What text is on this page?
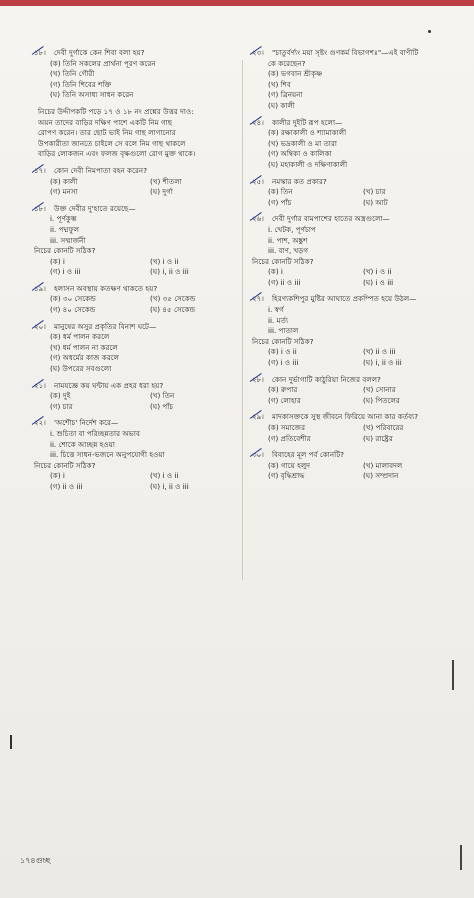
১৮।	দেবী দুর্গাকে কেন শিবা বলা হয়?
(ক) তিনি সকলের প্রার্থনা পূরণ করেন
(খ) তিনি গৌরী
(গ) তিনি শিবের শক্তি
(ঘ) তিনি অসাধ্য সাধন করেন
নিচের উদ্দীপকটি পড়ে ১৭ ও ১৮ নং প্রশ্নের উত্তর দাও:
অয়ন তাদের বাড়ির দক্ষিণ পাশে একটি নিম গাছ
রোপণ করেন। তার ছোট ভাই নিম গাছ লাগানোর
উপকারীতা জানতে চাইলে সে বলে নিম গাছ থাকলে
বাড়ির লোকজন এবং ফলজ বৃক্ষগুলো রোগ মুক্ত থাকে।
১৭।	কোন দেবী নিমপাতা বহন করেন?
(ক) কালী	(খ) শীতলা
(গ) মনসা	(ঘ) দুর্গা
১৮।	উক্ত দেবীর দু'হাতে রয়েছে—
i. পূর্ণকুম্ভ
ii. পদ্মফুল
iii. সম্মার্জনী
নিচের কোনটি সঠিক?
(ক) i	(খ) i ও ii
(গ) i ও iii	(ঘ) i, ii ও iii
১৯।	হলাসন অবস্থায় কতক্ষণ থাকতে হয়?
(ক) ৩০ সেকেন্ড	(খ) ৩৫ সেকেন্ড
(গ) ৪০ সেকেন্ড	(ঘ) ৪৫ সেকেন্ড
২০।	মানুষের অসুর প্রকৃতির বিনাশ ঘটে—
(ক) ধর্ম পালন করলে
(খ) ধর্ম পালন না করলে
(গ) অধর্মের কাজ করলে
(ঘ) উপরের সবগুলো
২১।	নামযজ্ঞে কয় ঘন্টায় এক প্রহর ধরা হয়?
(ক) দুই	(খ) তিন
(গ) চার	(ঘ) পাঁচ
২২।	'অশৌচ' নির্দেশ করে—
i. শুচিতা বা পরিচ্ছন্নতার অভাব
ii. শোকে আচ্ছন্ন হওয়া
iii. চিত্তে সাধন-ভজনে অনুপযোগী হওয়া
নিচের কোনটি সঠিক?
(ক) i	(খ) i ও ii
(গ) ii ও iii	(ঘ) i, ii ও iii
২৩।	"চাতুর্বর্ণ্যং ময়া সৃষ্টং গুণকর্ম বিভাগশঃ"—এই বাণীটি
কে করেছেন?
(ক) ভগবান শ্রীকৃষ্ণ
(খ) শিব
(গ) ব্রিনয়না
(ঘ) কালী
২৪।	কালীর দুইটি রূপ হলো—
(ক) রক্ষাকালী ও শ্যামাকালী
(খ) ভদ্রকালী ও মা তারা
(গ) অম্বিকা ও কালিকা
(ঘ) মহাকালী ও দক্ষিণাকালী
২৫।	নমস্কার কত প্রকার?
(ক) তিন	(খ) চার
(গ) পাঁচ	(ঘ) আট
২৬।	দেবী দুর্গার বামপাশের হাতের অস্ত্রগুলো—
i. খেটক, পূর্ণচাপ
ii. পাশ, অঙ্কুশ
iii. বাণ, খড়গ
নিচের কোনটি সঠিক?
(ক) i	(খ) i ও ii
(গ) ii ও iii	(ঘ) i ও iii
২৭।	হিরণ্যকশিপুর মুষ্টির আঘাতে প্রকম্পিত হয়ে উঠল—
i. স্বর্গ
ii. মর্ত্য
iii. পাতাল
নিচের কোনটি সঠিক?
(ক) i ও ii	(খ) ii ও iii
(গ) i ও iii	(ঘ) i, ii ও iii
২৮।	কোন দুর্ভাগাটি কাঠুরিয়া নিজের বলল?
(ক) রুপার	(খ) সোনার
(গ) লোহার	(ঘ) পিতলের
২৯।	মাদকাসক্তকে সুস্থ জীবনে ফিরিয়ে আনা কার কর্তব্য?
(ক) সমাজের	(খ) পরিবারের
(গ) প্রতিবেশীর	(ঘ) রাষ্ট্রের
৩০।	বিবাহের মূল পর্ব কোনটি?
(ক) গায়ে হলুদ	(খ) মালাবদল
(গ) বৃদ্ধিশ্রাদ্ধ	(ঘ) সম্প্রদান
১৭৪গুচ্ছ
